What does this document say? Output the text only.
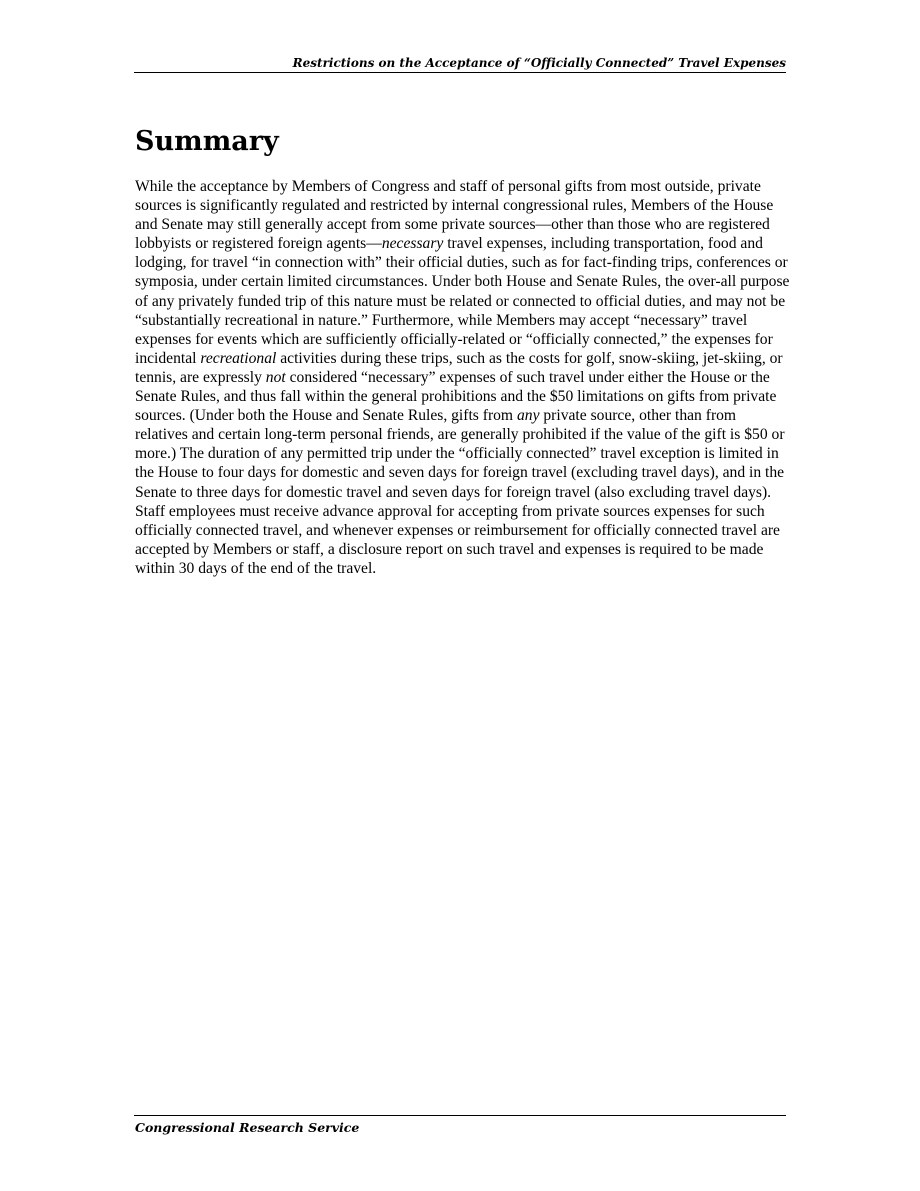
Restrictions on the Acceptance of “Officially Connected” Travel Expenses
Summary

While the acceptance by Members of Congress and staff of personal gifts from most outside, private sources is significantly regulated and restricted by internal congressional rules, Members of the House and Senate may still generally accept from some private sources—other than those who are registered lobbyists or registered foreign agents—necessary travel expenses, including transportation, food and lodging, for travel “in connection with” their official duties, such as for fact-finding trips, conferences or symposia, under certain limited circumstances. Under both House and Senate Rules, the over-all purpose of any privately funded trip of this nature must be related or connected to official duties, and may not be “substantially recreational in nature.” Furthermore, while Members may accept “necessary” travel expenses for events which are sufficiently officially-related or “officially connected,” the expenses for incidental recreational activities during these trips, such as the costs for golf, snow-skiing, jet-skiing, or tennis, are expressly not considered “necessary” expenses of such travel under either the House or the Senate Rules, and thus fall within the general prohibitions and the $50 limitations on gifts from private sources. (Under both the House and Senate Rules, gifts from any private source, other than from relatives and certain long-term personal friends, are generally prohibited if the value of the gift is $50 or more.) The duration of any permitted trip under the “officially connected” travel exception is limited in the House to four days for domestic and seven days for foreign travel (excluding travel days), and in the Senate to three days for domestic travel and seven days for foreign travel (also excluding travel days). Staff employees must receive advance approval for accepting from private sources expenses for such officially connected travel, and whenever expenses or reimbursement for officially connected travel are accepted by Members or staff, a disclosure report on such travel and expenses is required to be made within 30 days of the end of the travel.

Congressional Research Service
